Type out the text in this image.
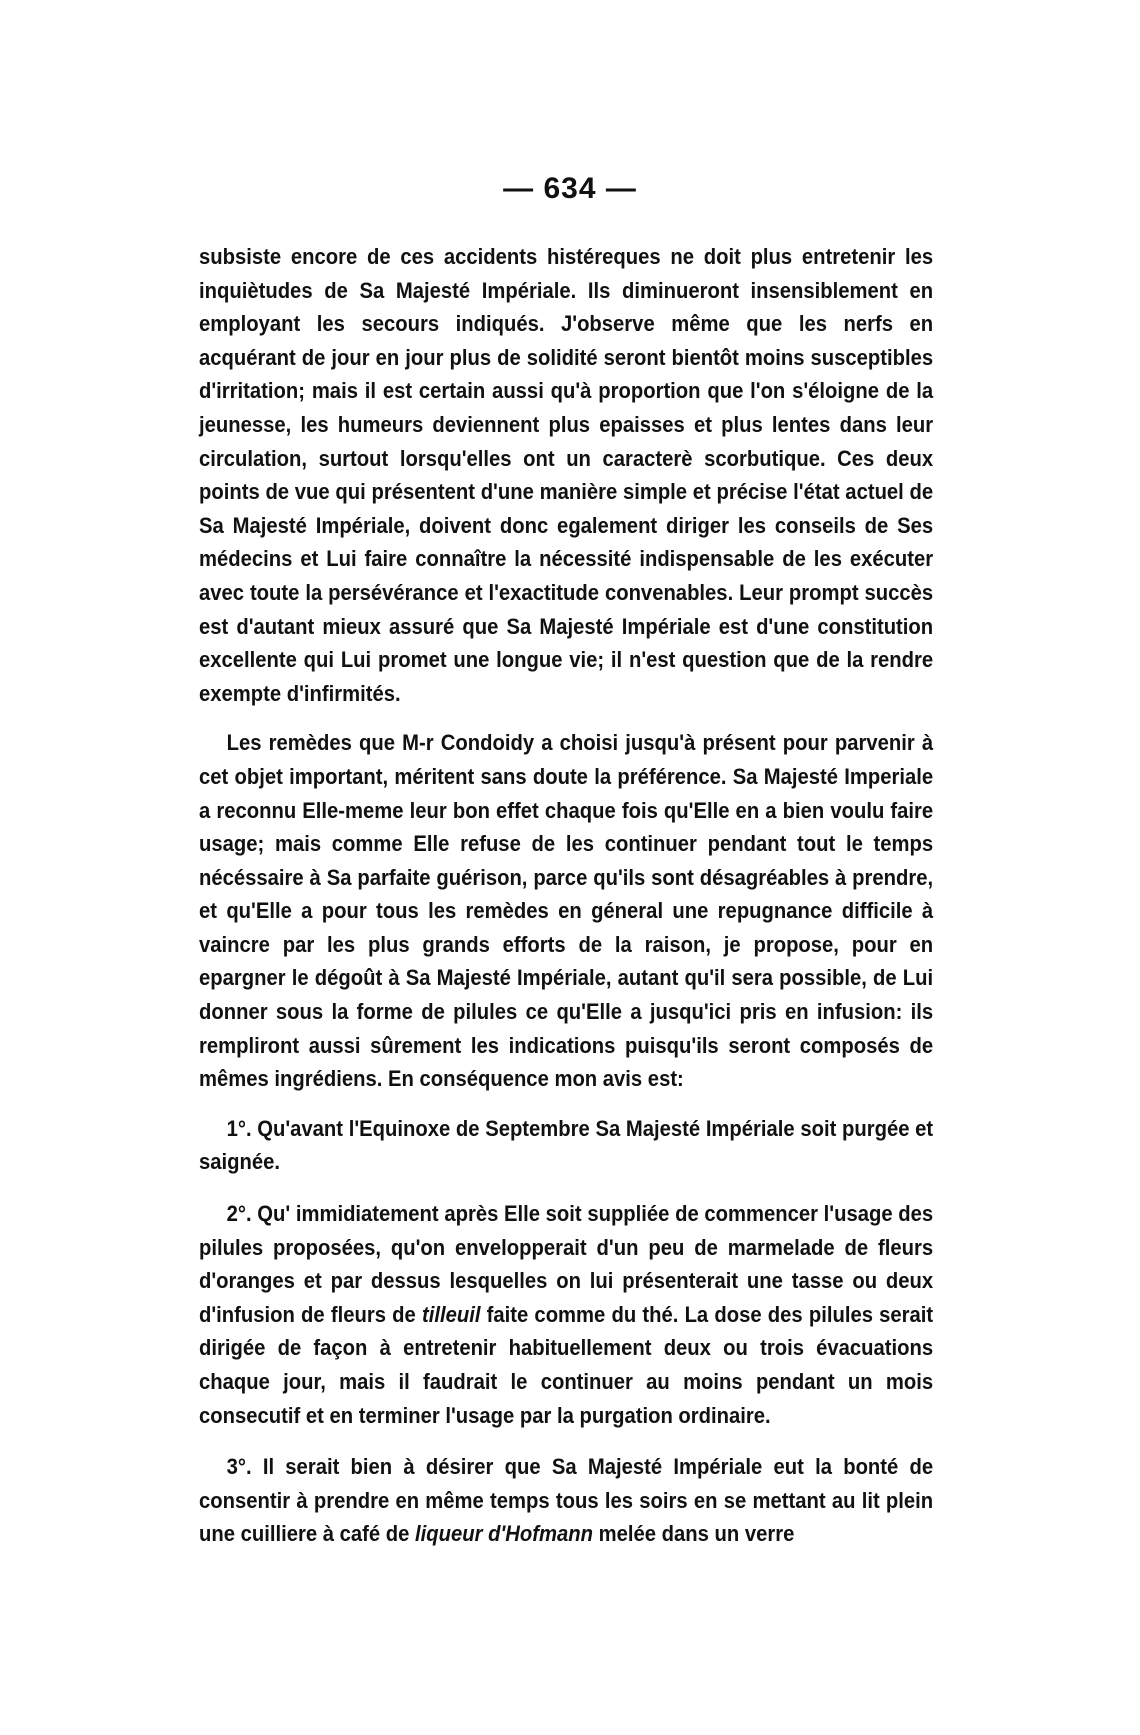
— 634 —

subsiste encore de ces accidents histéreques ne doit plus entretenir les inquiètudes de Sa Majesté Impériale. Ils diminueront insensiblement en employant les secours indiqués. J'observe même que les nerfs en acquérant de jour en jour plus de solidité seront bientôt moins susceptibles d'irritation; mais il est certain aussi qu'à proportion que l'on s'éloigne de la jeunesse, les humeurs deviennent plus epaisses et plus lentes dans leur circulation, surtout lorsqu'elles ont un caracterè scorbutique. Ces deux points de vue qui présentent d'une manière simple et précise l'état actuel de Sa Majesté Impériale, doivent donc egalement diriger les conseils de Ses médecins et Lui faire connaître la nécessité indispensable de les exécuter avec toute la persévérance et l'exactitude convenables. Leur prompt succès est d'autant mieux assuré que Sa Majesté Impériale est d'une constitution excellente qui Lui promet une longue vie; il n'est question que de la rendre exempte d'infirmités.

Les remèdes que M-r Condoidy a choisi jusqu'à présent pour parvenir à cet objet important, méritent sans doute la préférence. Sa Majesté Imperiale a reconnu Elle-meme leur bon effet chaque fois qu'Elle en a bien voulu faire usage; mais comme Elle refuse de les continuer pendant tout le temps nécéssaire à Sa parfaite guérison, parce qu'ils sont désagréables à prendre, et qu'Elle a pour tous les remèdes en géneral une repugnance difficile à vaincre par les plus grands efforts de la raison, je propose, pour en epargner le dégoût à Sa Majesté Impériale, autant qu'il sera possible, de Lui donner sous la forme de pilules ce qu'Elle a jusqu'ici pris en infusion: ils rempliront aussi sûrement les indications puisqu'ils seront composés de mêmes ingrédiens. En conséquence mon avis est:

1°. Qu'avant l'Equinoxe de Septembre Sa Majesté Impériale soit purgée et saignée.

2°. Qu' immidiatement après Elle soit suppliée de commencer l'usage des pilules proposées, qu'on envelopperait d'un peu de marmelade de fleurs d'oranges et par dessus lesquelles on lui présenterait une tasse ou deux d'infusion de fleurs de tilleuil faite comme du thé. La dose des pilules serait dirigée de façon à entretenir habituellement deux ou trois évacuations chaque jour, mais il faudrait le continuer au moins pendant un mois consecutif et en terminer l'usage par la purgation ordinaire.

3°. Il serait bien à désirer que Sa Majesté Impériale eut la bonté de consentir à prendre en même temps tous les soirs en se mettant au lit plein une cuilliere à café de liqueur d'Hofmann melée dans un verre
